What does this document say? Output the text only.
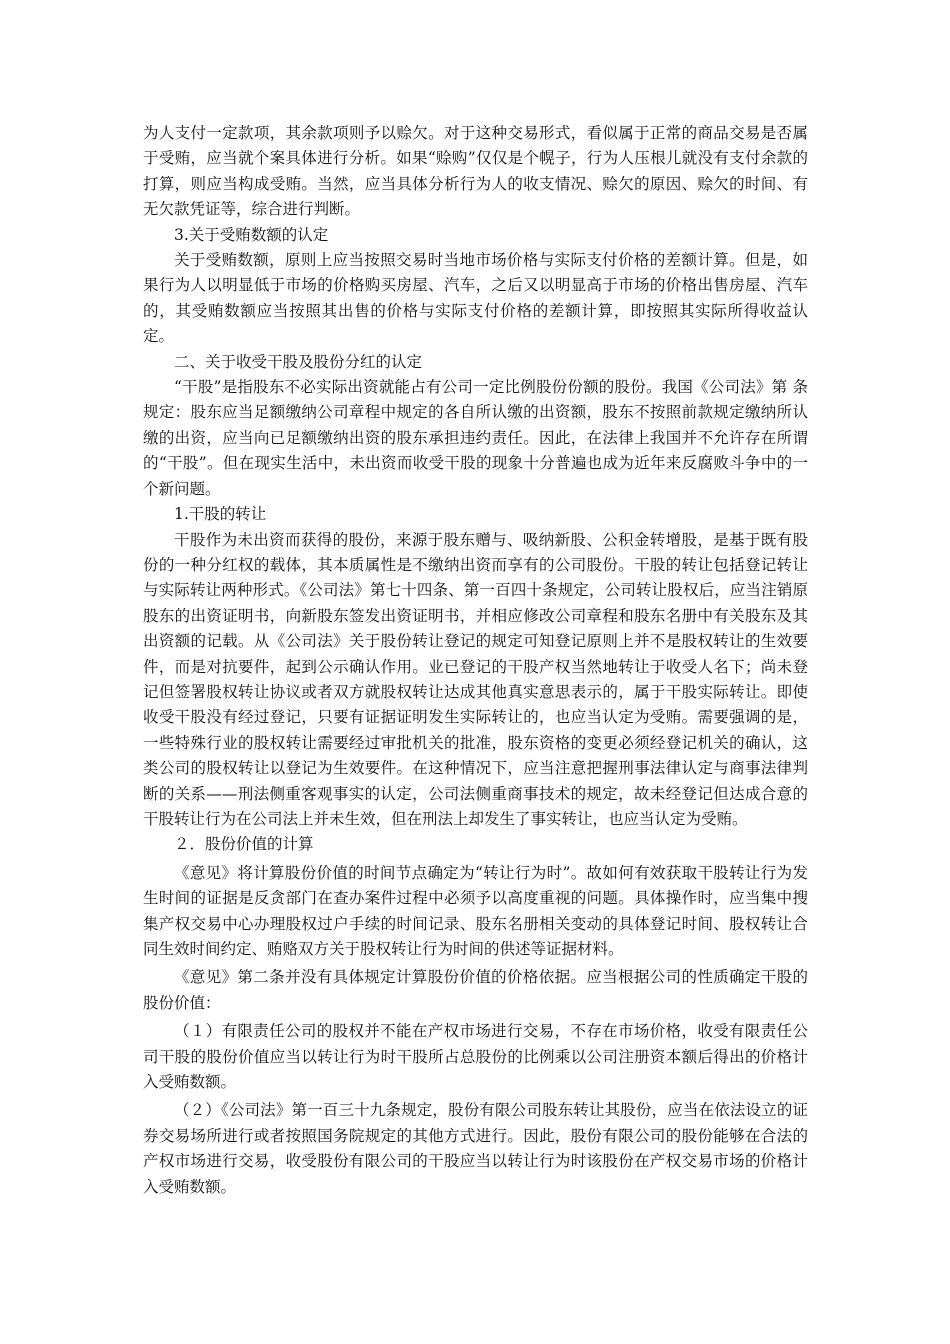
为人支付一定款项，其余款项则予以赊欠。对于这种交易形式，看似属于正常的商品交易是否属于受贿，应当就个案具体进行分析。如果“赊购”仅仅是个幌子，行为人压根儿就没有支付余款的打算，则应当构成受贿。当然，应当具体分析行为人的收支情况、赊欠的原因、赊欠的时间、有无欠款凭证等，综合进行判断。

3.关于受贿数额的认定

关于受贿数额，原则上应当按照交易时当地市场价格与实际支付价格的差额计算。但是，如果行为人以明显低于市场的价格购买房屋、汽车，之后又以明显高于市场的价格出售房屋、汽车的，其受贿数额应当按照其出售的价格与实际支付价格的差额计算，即按照其实际所得收益认定。

二、关于收受干股及股份分红的认定

“干股”是指股东不必实际出资就能占有公司一定比例股份份额的股份。我国《公司法》第 条规定：股东应当足额缴纳公司章程中规定的各自所认缴的出资额，股东不按照前款规定缴纳所认缴的出资，应当向已足额缴纳出资的股东承担违约责任。因此，在法律上我国并不允许存在所谓的“干股”。但在现实生活中，未出资而收受干股的现象十分普遍也成为近年来反腐败斗争中的一个新问题。

1.干股的转让

干股作为未出资而获得的股份，来源于股东赠与、吸纳新股、公积金转增股，是基于既有股份的一种分红权的载体，其本质属性是不缴纳出资而享有的公司股份。干股的转让包括登记转让与实际转让两种形式。《公司法》第七十四条、第一百四十条规定，公司转让股权后，应当注销原股东的出资证明书，向新股东签发出资证明书，并相应修改公司章程和股东名册中有关股东及其出资额的记载。从《公司法》关于股份转让登记的规定可知登记原则上并不是股权转让的生效要件，而是对抗要件，起到公示确认作用。业已登记的干股产权当然地转让于收受人名下；尚未登记但签署股权转让协议或者双方就股权转让达成其他真实意思表示的，属于干股实际转让。即使收受干股没有经过登记，只要有证据证明发生实际转让的，也应当认定为受贿。需要强调的是，一些特殊行业的股权转让需要经过审批机关的批准，股东资格的变更必须经登记机关的确认，这类公司的股权转让以登记为生效要件。在这种情况下，应当注意把握刑事法律认定与商事法律判断的关系——刑法侧重客观事实的认定，公司法侧重商事技术的规定，故未经登记但达成合意的干股转让行为在公司法上并未生效，但在刑法上却发生了事实转让，也应当认定为受贿。

２．股份价值的计算

《意见》将计算股份价值的时间节点确定为“转让行为时”。故如何有效获取干股转让行为发生时间的证据是反贪部门在查办案件过程中必须予以高度重视的问题。具体操作时，应当集中搜集产权交易中心办理股权过户手续的时间记录、股东名册相关变动的具体登记时间、股权转让合同生效时间约定、贿赂双方关于股权转让行为时间的供述等证据材料。

《意见》第二条并没有具体规定计算股份价值的价格依据。应当根据公司的性质确定干股的股份价值：

（１）有限责任公司的股权并不能在产权市场进行交易，不存在市场价格，收受有限责任公司干股的股份价值应当以转让行为时干股所占总股份的比例乘以公司注册资本额后得出的价格计入受贿数额。

（２）《公司法》第一百三十九条规定，股份有限公司股东转让其股份，应当在依法设立的证券交易场所进行或者按照国务院规定的其他方式进行。因此，股份有限公司的股份能够在合法的产权市场进行交易，收受股份有限公司的干股应当以转让行为时该股份在产权交易市场的价格计入受贿数额。
